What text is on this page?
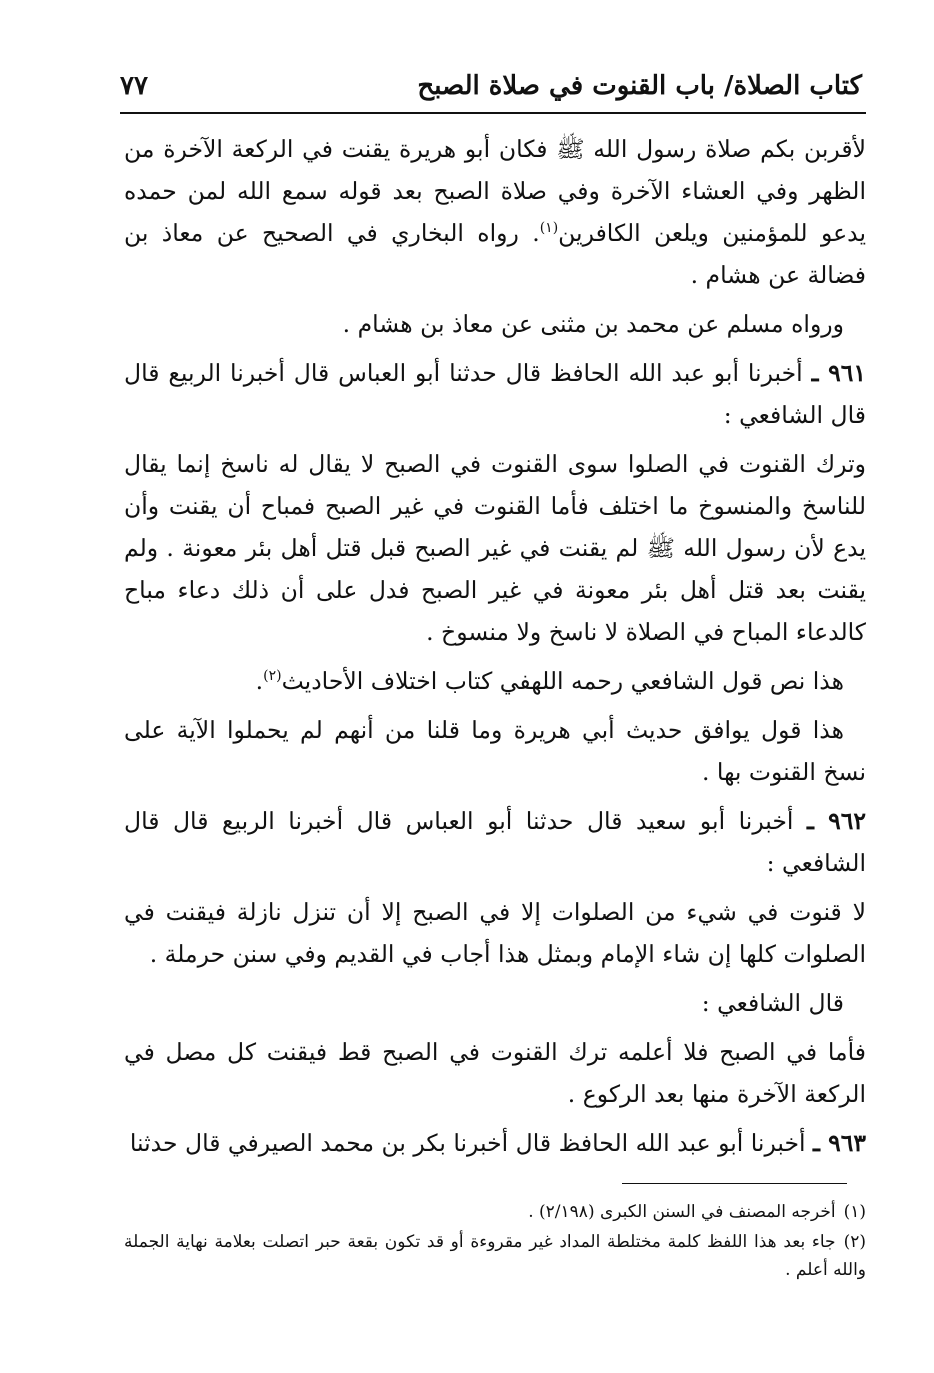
كتاب الصلاة/ باب القنوت في صلاة الصبح
٧٧

لأقربن بكم صلاة رسول الله ﷺ فكان أبو هريرة يقنت في الركعة الآخرة من الظهر وفي العشاء الآخرة وفي صلاة الصبح بعد قوله سمع الله لمن حمده يدعو للمؤمنين ويلعن الكافرين$^{(١)}$. رواه البخاري في الصحيح عن معاذ بن فضالة عن هشام .

ورواه مسلم عن محمد بن مثنى عن معاذ بن هشام .

٩٦١ ـ أخبرنا أبو عبد الله الحافظ قال حدثنا أبو العباس قال أخبرنا الربيع قال قال الشافعي :

وترك القنوت في الصلوا سوى القنوت في الصبح لا يقال له ناسخ إنما يقال للناسخ والمنسوخ ما اختلف فأما القنوت في غير الصبح فمباح أن يقنت وأن يدع لأن رسول الله ﷺ لم يقنت في غير الصبح قبل قتل أهل بئر معونة . ولم يقنت بعد قتل أهل بئر معونة في غير الصبح فدل على أن ذلك دعاء مباح كالدعاء المباح في الصلاة لا ناسخ ولا منسوخ .

هذا نص قول الشافعي رحمه اللهفي كتاب اختلاف الأحاديث$^{(٢)}$.

هذا قول يوافق حديث أبي هريرة وما قلنا من أنهم لم يحملوا الآية على نسخ القنوت بها .

٩٦٢ ـ أخبرنا أبو سعيد قال حدثنا أبو العباس قال أخبرنا الربيع قال قال الشافعي :

لا قنوت في شيء من الصلوات إلا في الصبح إلا أن تنزل نازلة فيقنت في الصلوات كلها إن شاء الإمام وبمثل هذا أجاب في القديم وفي سنن حرملة .

قال الشافعي :

فأما في الصبح فلا أعلمه ترك القنوت في الصبح قط فيقنت كل مصل في الركعة الآخرة منها بعد الركوع .

٩٦٣ ـ أخبرنا أبو عبد الله الحافظ قال أخبرنا بكر بن محمد الصيرفي قال حدثنا

(١)أخرجه المصنف في السنن الكبرى (٢/١٩٨) .

(٢)جاء بعد هذا اللفظ كلمة مختلطة المداد غير مقروءة أو قد تكون بقعة حبر اتصلت بعلامة نهاية الجملة والله أعلم .
